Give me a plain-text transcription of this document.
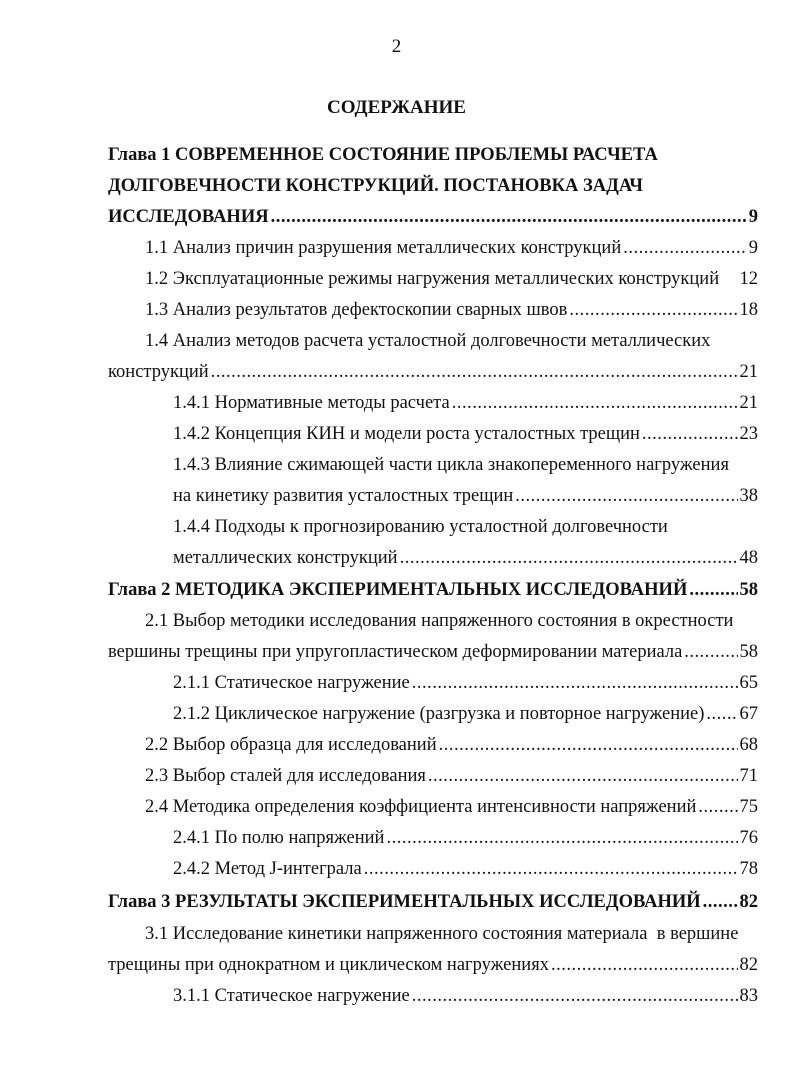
2
СОДЕРЖАНИЕ
Глава 1 СОВРЕМЕННОЕ СОСТОЯНИЕ ПРОБЛЕМЫ РАСЧЕТА
ДОЛГОВЕЧНОСТИ КОНСТРУКЦИЙ. ПОСТАНОВКА ЗАДАЧ
ИССЛЕДОВАНИЯ .....	9
1.1 Анализ причин разрушения металлических конструкций .....	9
1.2 Эксплуатационные режимы нагружения металлических конструкций 12
1.3 Анализ результатов дефектоскопии сварных швов .....	18
1.4 Анализ методов расчета усталостной долговечности металлических
конструкций .....	21
1.4.1 Нормативные методы расчета .....	21
1.4.2 Концепция КИН и модели роста усталостных трещин .....	23
1.4.3 Влияние сжимающей части цикла знакопеременного нагружения
на кинетику развития усталостных трещин .....	38
1.4.4 Подходы к прогнозированию усталостной долговечности
металлических конструкций .....	48
Глава 2 МЕТОДИКА ЭКСПЕРИМЕНТАЛЬНЫХ ИССЛЕДОВАНИЙ .....	58
2.1 Выбор методики исследования напряженного состояния в окрестности
вершины трещины при упругопластическом деформировании материала .....	58
2.1.1 Статическое нагружение .....	65
2.1.2 Циклическое нагружение (разгрузка и повторное нагружение) ..... 67
2.2 Выбор образца для исследований .....	68
2.3 Выбор сталей для исследования .....	71
2.4 Методика определения коэффициента интенсивности напряжений ..... 75
2.4.1 По полю напряжений .....	76
2.4.2 Метод J-интеграла .....	78
Глава 3 РЕЗУЛЬТАТЫ ЭКСПЕРИМЕНТАЛЬНЫХ ИССЛЕДОВАНИЙ ..... 82
3.1 Исследование кинетики напряженного состояния материала  в вершине
трещины при однократном и циклическом нагружениях .....	82
3.1.1 Статическое нагружение .....	83
